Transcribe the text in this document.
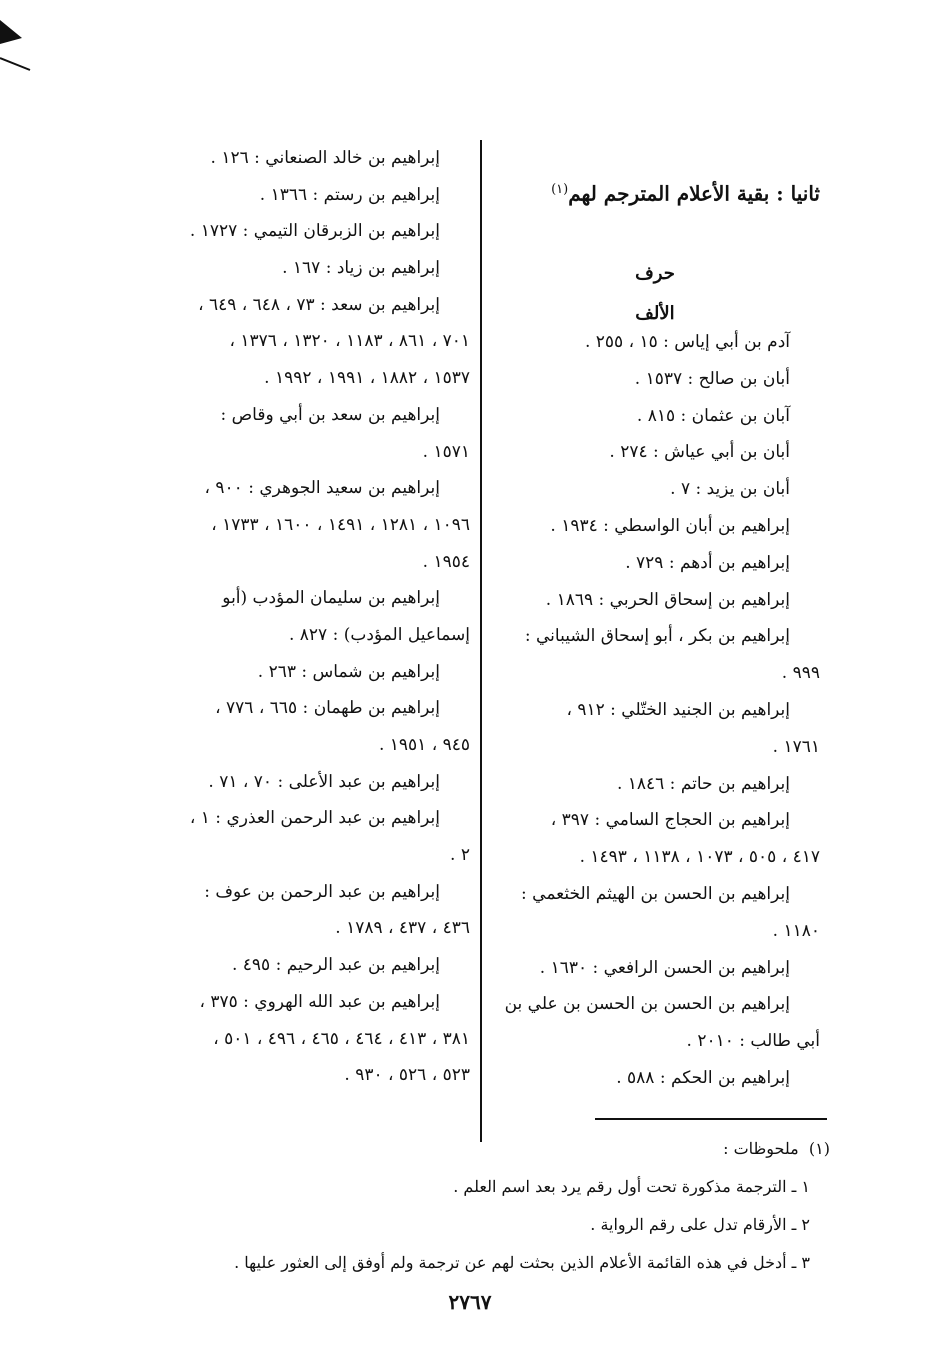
ثانيا : بقية الأعلام المترجم لهم$^{(١)}$
حرف الألف
آدم بن أبي إياس : ١٥ ، ٢٥٥ .
أبان بن صالح : ١٥٣٧ .
آبان بن عثمان : ٨١٥ .
أبان بن أبي عياش : ٢٧٤ .
أبان بن يزيد : ٧ .
إبراهيم بن أبان الواسطي : ١٩٣٤ .
إبراهيم بن أدهم : ٧٢٩ .
إبراهيم بن إسحاق الحربي : ١٨٦٩ .
إبراهيم بن بكر ، أبو إسحاق الشيباني :
٩٩٩ .
إبراهيم بن الجنيد الختّلي : ٩١٢ ،
١٧٦١ .
إبراهيم بن حاتم : ١٨٤٦ .
إبراهيم بن الحجاج السامي : ٣٩٧ ،
٤١٧ ، ٥٠٥ ، ١٠٧٣ ، ١١٣٨ ، ١٤٩٣ .
إبراهيم بن الحسن بن الهيثم الخثعمي :
١١٨٠ .
إبراهيم بن الحسن الرافعي : ١٦٣٠ .
إبراهيم بن الحسن بن الحسن بن علي بن
أبي طالب : ٢٠١٠ .
إبراهيم بن الحكم : ٥٨٨ .
إبراهيم بن خالد الصنعاني : ١٢٦ .
إبراهيم بن رستم : ١٣٦٦ .
إبراهيم بن الزبرقان التيمي : ١٧٢٧ .
إبراهيم بن زياد : ١٦٧ .
إبراهيم بن سعد : ٧٣ ، ٦٤٨ ، ٦٤٩ ،
٧٠١ ، ٨٦١ ، ١١٨٣ ، ١٣٢٠ ، ١٣٧٦ ،
١٥٣٧ ، ١٨٨٢ ، ١٩٩١ ، ١٩٩٢ .
إبراهيم بن سعد بن أبي وقاص :
١٥٧١ .
إبراهيم بن سعيد الجوهري : ٩٠٠ ،
١٠٩٦ ، ١٢٨١ ، ١٤٩١ ، ١٦٠٠ ، ١٧٣٣ ،
١٩٥٤ .
إبراهيم بن سليمان المؤدب (أبو
إسماعيل المؤدب) : ٨٢٧ .
إبراهيم بن شماس : ٢٦٣ .
إبراهيم بن طهمان : ٦٦٥ ، ٧٧٦ ،
٩٤٥ ، ١٩٥١ .
إبراهيم بن عبد الأعلى : ٧٠ ، ٧١ .
إبراهيم بن عبد الرحمن العذري : ١ ،
٢ .
إبراهيم بن عبد الرحمن بن عوف :
٤٣٦ ، ٤٣٧ ، ١٧٨٩ .
إبراهيم بن عبد الرحيم : ٤٩٥ .
إبراهيم بن عبد الله الهروي : ٣٧٥ ،
٣٨١ ، ٤١٣ ، ٤٦٤ ، ٤٦٥ ، ٤٩٦ ، ٥٠١ ،
٥٢٣ ، ٥٢٦ ، ٩٣٠ .
(١)  ملحوظات :
١ ـ الترجمة مذكورة تحت أول رقم يرد بعد اسم العلم .
٢ ـ الأرقام تدل على رقم الرواية .
٣ ـ أدخل في هذه القائمة الأعلام الذين بحثت لهم عن ترجمة ولم أوفق إلى العثور عليها .
٢٧٦٧
